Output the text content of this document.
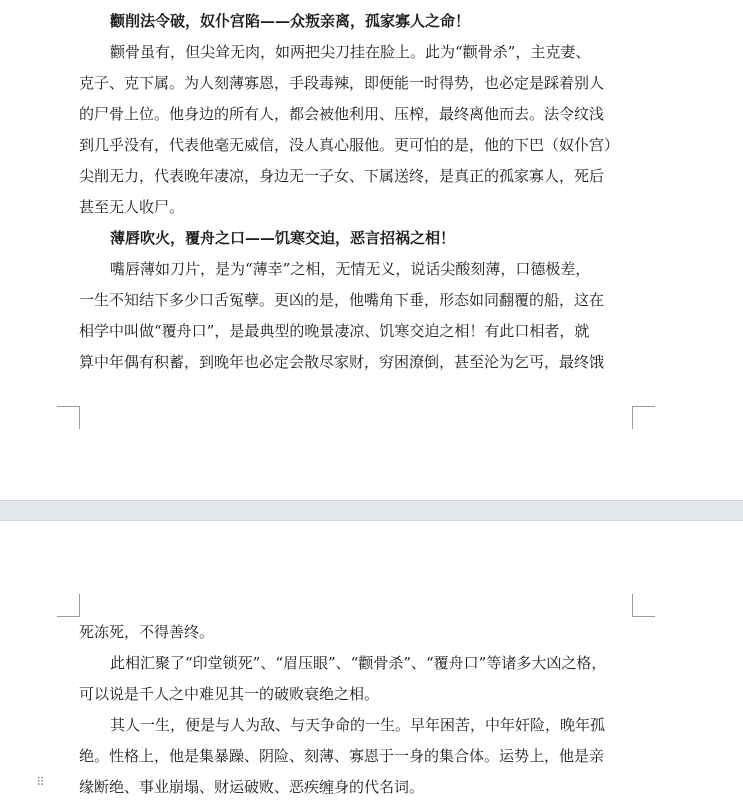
颧削法令破，奴仆宫陷——众叛亲离，孤家寡人之命！
颧骨虽有，但尖耸无肉，如两把尖刀挂在脸上。此为“颧骨杀”，主克妻、
克子、克下属。为人刻薄寡恩，手段毒辣，即便能一时得势，也必定是踩着别人
的尸骨上位。他身边的所有人，都会被他利用、压榨，最终离他而去。法令纹浅
到几乎没有，代表他毫无威信，没人真心服他。更可怕的是，他的下巴（奴仆宫）
尖削无力，代表晚年凄凉，身边无一子女、下属送终，是真正的孤家寡人，死后
甚至无人收尸。
薄唇吹火，覆舟之口——饥寒交迫，恶言招祸之相！
嘴唇薄如刀片，是为“薄幸”之相，无情无义，说话尖酸刻薄，口德极差，
一生不知结下多少口舌冤孽。更凶的是，他嘴角下垂，形态如同翻覆的船，这在
相学中叫做“覆舟口”，是最典型的晚景凄凉、饥寒交迫之相！有此口相者，就
算中年偶有积蓄，到晚年也必定会散尽家财，穷困潦倒，甚至沦为乞丐，最终饿
死冻死，不得善终。
此相汇聚了“印堂锁死”、“眉压眼”、“颧骨杀”、“覆舟口”等诸多大凶之格，
可以说是千人之中难见其一的破败衰绝之相。
其人一生，便是与人为敌、与天争命的一生。早年困苦，中年奸险，晚年孤
绝。性格上，他是集暴躁、阴险、刻薄、寡恩于一身的集合体。运势上，他是亲
缘断绝、事业崩塌、财运破败、恶疾缠身的代名词。
⠿
